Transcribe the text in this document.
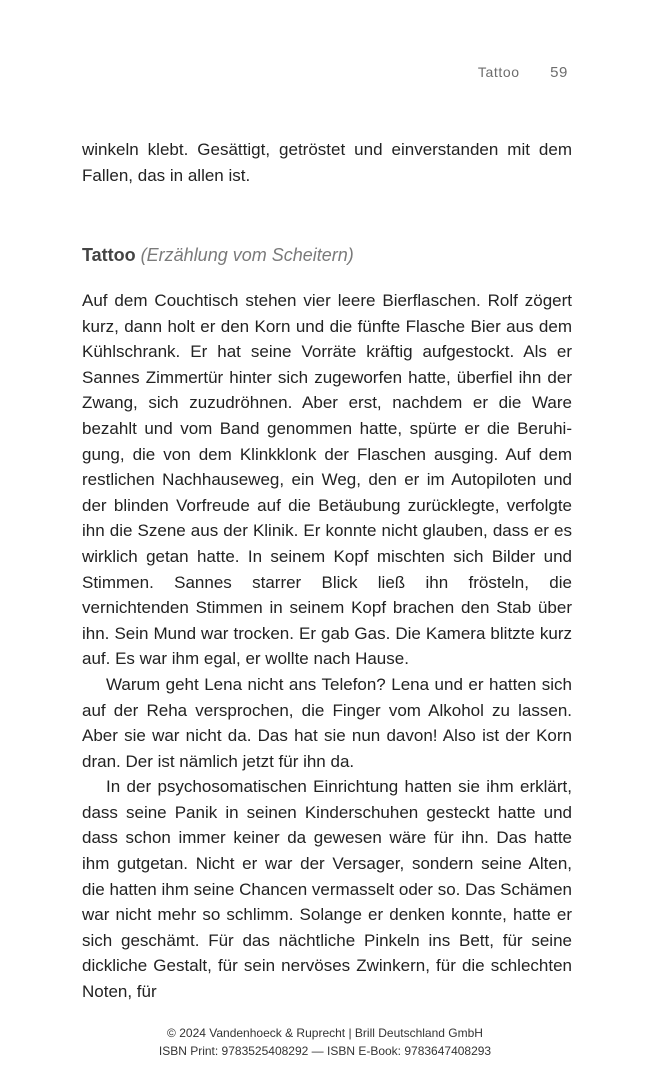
Tattoo 59

winkeln klebt. Gesättigt, getröstet und einverstanden mit dem Fallen, das in allen ist.

Tattoo (Erzählung vom Scheitern)

Auf dem Couchtisch stehen vier leere Bierflaschen. Rolf zögert kurz, dann holt er den Korn und die fünfte Flasche Bier aus dem Kühlschrank. Er hat seine Vorräte kräftig aufgestockt. Als er Sannes Zimmertür hinter sich zugeworfen hatte, überfiel ihn der Zwang, sich zuzudröhnen. Aber erst, nachdem er die Ware bezahlt und vom Band genommen hatte, spürte er die Beruhigung, die von dem Klinkklonk der Flaschen ausging. Auf dem restlichen Nachhauseweg, ein Weg, den er im Autopiloten und der blinden Vorfreude auf die Betäubung zurücklegte, verfolgte ihn die Szene aus der Klinik. Er konnte nicht glauben, dass er es wirklich getan hatte. In seinem Kopf mischten sich Bilder und Stimmen. Sannes starrer Blick ließ ihn frösteln, die vernichtenden Stimmen in seinem Kopf brachen den Stab über ihn. Sein Mund war trocken. Er gab Gas. Die Kamera blitzte kurz auf. Es war ihm egal, er wollte nach Hause.

Warum geht Lena nicht ans Telefon? Lena und er hatten sich auf der Reha versprochen, die Finger vom Alkohol zu lassen. Aber sie war nicht da. Das hat sie nun davon! Also ist der Korn dran. Der ist nämlich jetzt für ihn da.

In der psychosomatischen Einrichtung hatten sie ihm erklärt, dass seine Panik in seinen Kinderschuhen gesteckt hatte und dass schon immer keiner da gewesen wäre für ihn. Das hatte ihm gutgetan. Nicht er war der Versager, sondern seine Alten, die hatten ihm seine Chancen vermasselt oder so. Das Schämen war nicht mehr so schlimm. Solange er denken konnte, hatte er sich geschämt. Für das nächtliche Pinkeln ins Bett, für seine dickliche Gestalt, für sein nervöses Zwinkern, für die schlechten Noten, für

© 2024 Vandenhoeck & Ruprecht | Brill Deutschland GmbH
ISBN Print: 9783525408292 — ISBN E-Book: 9783647408293
